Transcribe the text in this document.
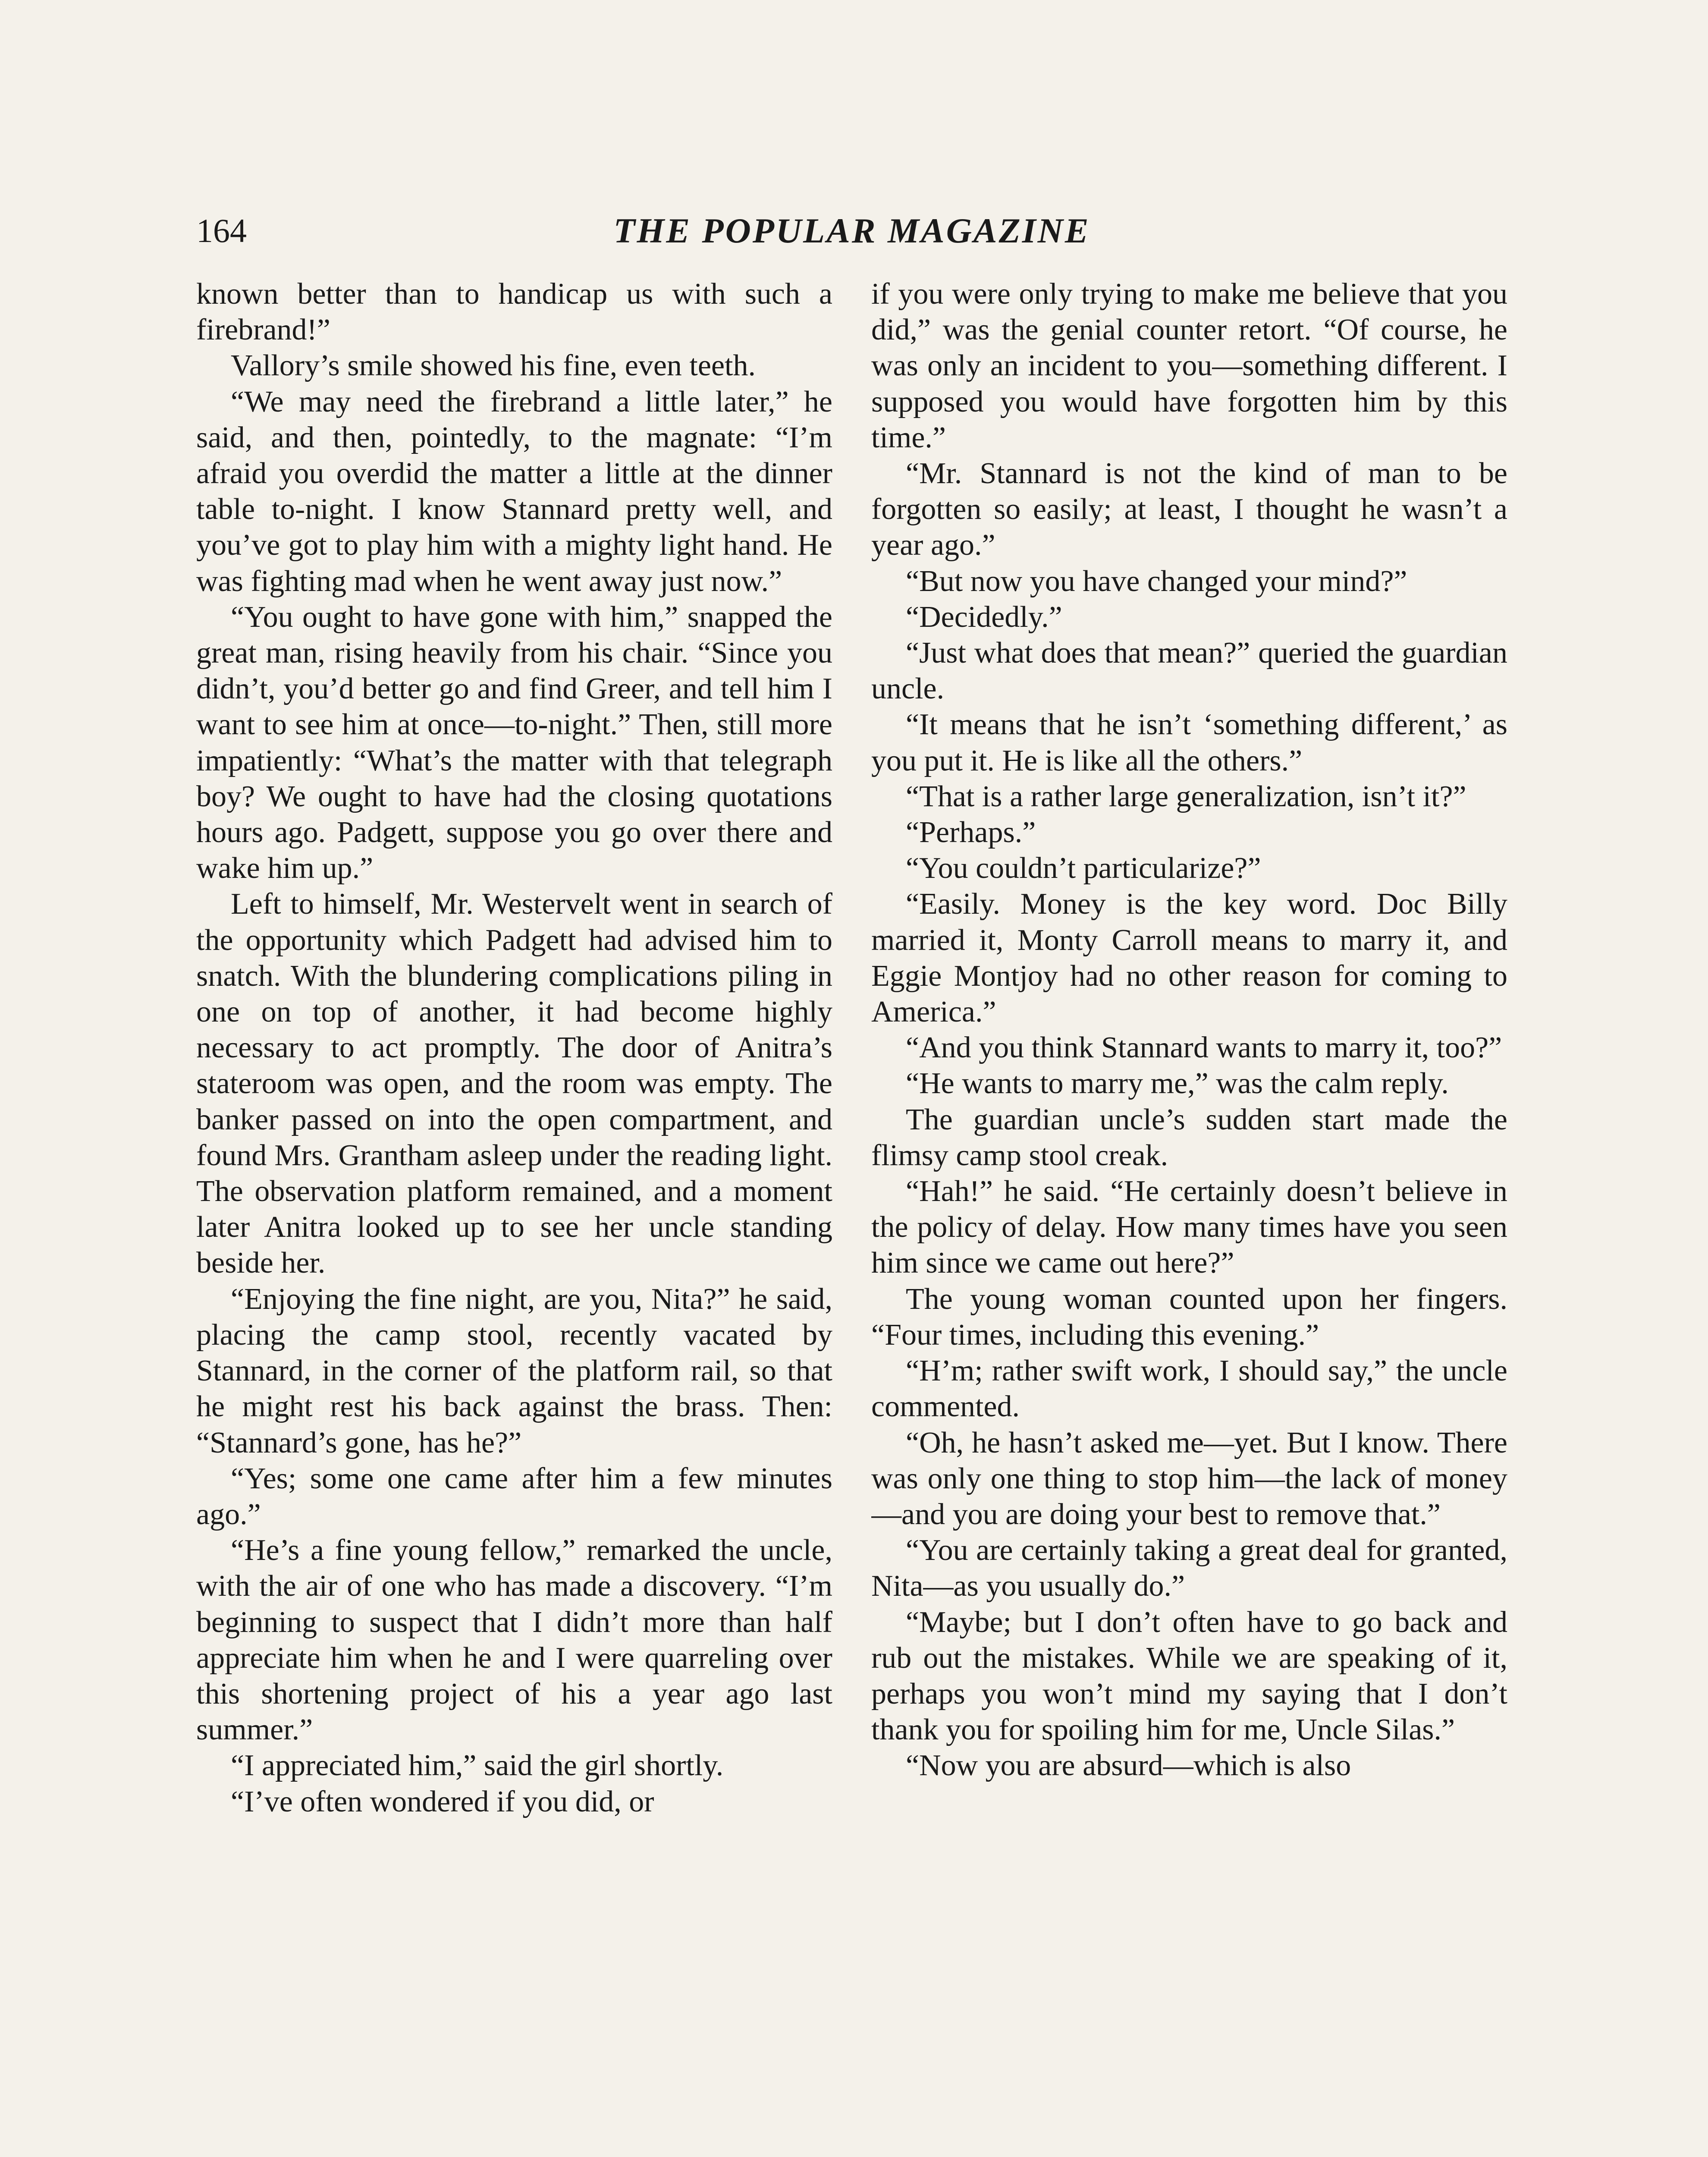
164	THE POPULAR MAGAZINE

known better than to handicap us with such a firebrand!”

Vallory’s smile showed his fine, even teeth.

“We may need the firebrand a little later,” he said, and then, pointedly, to the magnate: “I’m afraid you overdid the matter a little at the dinner table to-night. I know Stannard pretty well, and you’ve got to play him with a mighty light hand. He was fighting mad when he went away just now.”

“You ought to have gone with him,” snapped the great man, rising heavily from his chair. “Since you didn’t, you’d better go and find Greer, and tell him I want to see him at once—to-night.” Then, still more impatiently: “What’s the matter with that telegraph boy? We ought to have had the closing quotations hours ago. Padgett, suppose you go over there and wake him up.”

Left to himself, Mr. Westervelt went in search of the opportunity which Padgett had advised him to snatch. With the blundering complications piling in one on top of another, it had become highly necessary to act promptly. The door of Anitra’s stateroom was open, and the room was empty. The banker passed on into the open compartment, and found Mrs. Grantham asleep under the reading light. The observation platform remained, and a moment later Anitra looked up to see her uncle standing beside her.

“Enjoying the fine night, are you, Nita?” he said, placing the camp stool, recently vacated by Stannard, in the corner of the platform rail, so that he might rest his back against the brass. Then: “Stannard’s gone, has he?”

“Yes; some one came after him a few minutes ago.”

“He’s a fine young fellow,” remarked the uncle, with the air of one who has made a discovery. “I’m beginning to suspect that I didn’t more than half appreciate him when he and I were quarreling over this shortening project of his a year ago last summer.”

“I appreciated him,” said the girl shortly.

“I’ve often wondered if you did, or

if you were only trying to make me believe that you did,” was the genial counter retort. “Of course, he was only an incident to you—something different. I supposed you would have forgotten him by this time.”

“Mr. Stannard is not the kind of man to be forgotten so easily; at least, I thought he wasn’t a year ago.”

“But now you have changed your mind?”

“Decidedly.”

“Just what does that mean?” queried the guardian uncle.

“It means that he isn’t ‘something different,’ as you put it. He is like all the others.”

“That is a rather large generalization, isn’t it?”

“Perhaps.”

“You couldn’t particularize?”

“Easily. Money is the key word. Doc Billy married it, Monty Carroll means to marry it, and Eggie Montjoy had no other reason for coming to America.”

“And you think Stannard wants to marry it, too?”

“He wants to marry me,” was the calm reply.

The guardian uncle’s sudden start made the flimsy camp stool creak.

“Hah!” he said. “He certainly doesn’t believe in the policy of delay. How many times have you seen him since we came out here?”

The young woman counted upon her fingers. “Four times, including this evening.”

“H’m; rather swift work, I should say,” the uncle commented.

“Oh, he hasn’t asked me—yet. But I know. There was only one thing to stop him—the lack of money—and you are doing your best to remove that.”

“You are certainly taking a great deal for granted, Nita—as you usually do.”

“Maybe; but I don’t often have to go back and rub out the mistakes. While we are speaking of it, perhaps you won’t mind my saying that I don’t thank you for spoiling him for me, Uncle Silas.”

“Now you are absurd—which is also
